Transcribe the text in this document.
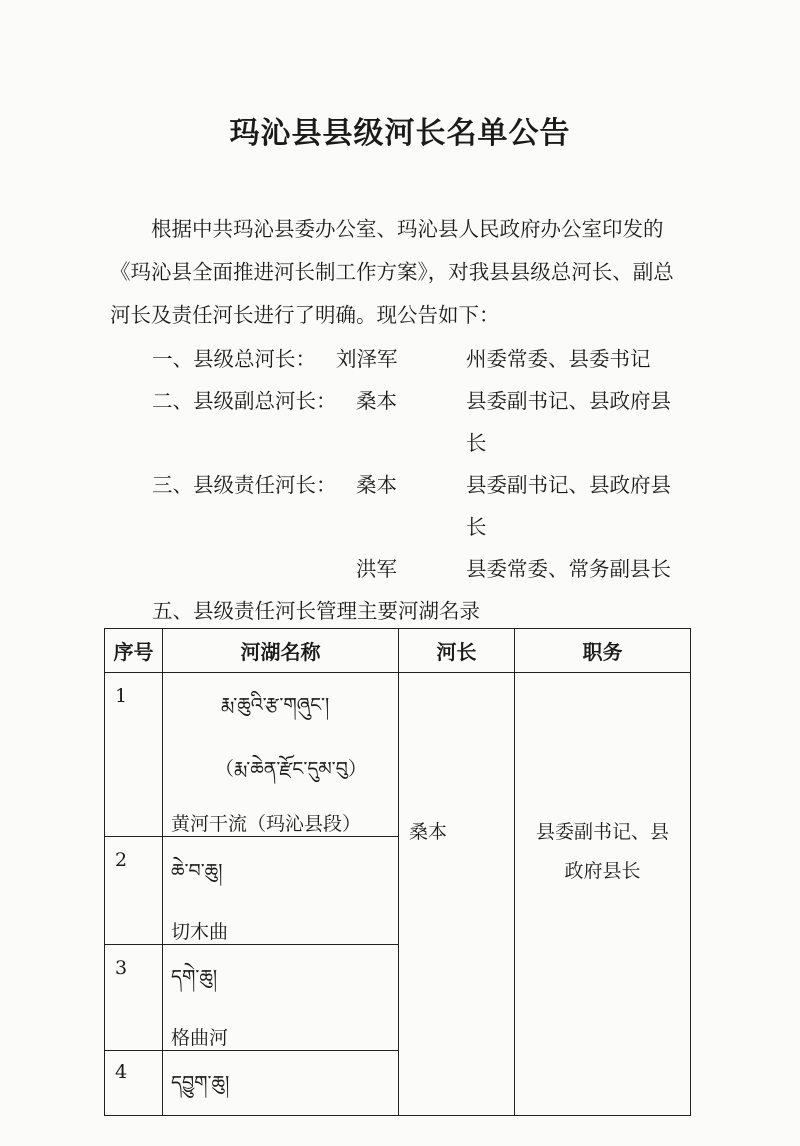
玛沁县县级河长名单公告

根据中共玛沁县委办公室、玛沁县人民政府办公室印发的《玛沁县全面推进河长制工作方案》，对我县县级总河长、副总河长及责任河长进行了明确。现公告如下：

一、县级总河长： 刘泽军	州委常委、县委书记
二、县级副总河长： 桑本	县委副书记、县政府县
长
三、县级责任河长： 桑本	县委副书记、县政府县
长
洪军	县委常委、常务副县长
五、县级责任河长管理主要河湖名录
序号	河湖名称	河长	职务

1	རྨ་ཆུའི་རྩ་གཞུང་།
（རྨ་ཆེན་རྫོང་དུམ་བུ）
黄河干流（玛沁县段）	桑本	县委副书记、县
政府县长

2	ཆེ་བ་ཆུ།
切木曲		

3	དགེ་ཆུ།
格曲河		

4	དབྱུག་ཆུ།		
